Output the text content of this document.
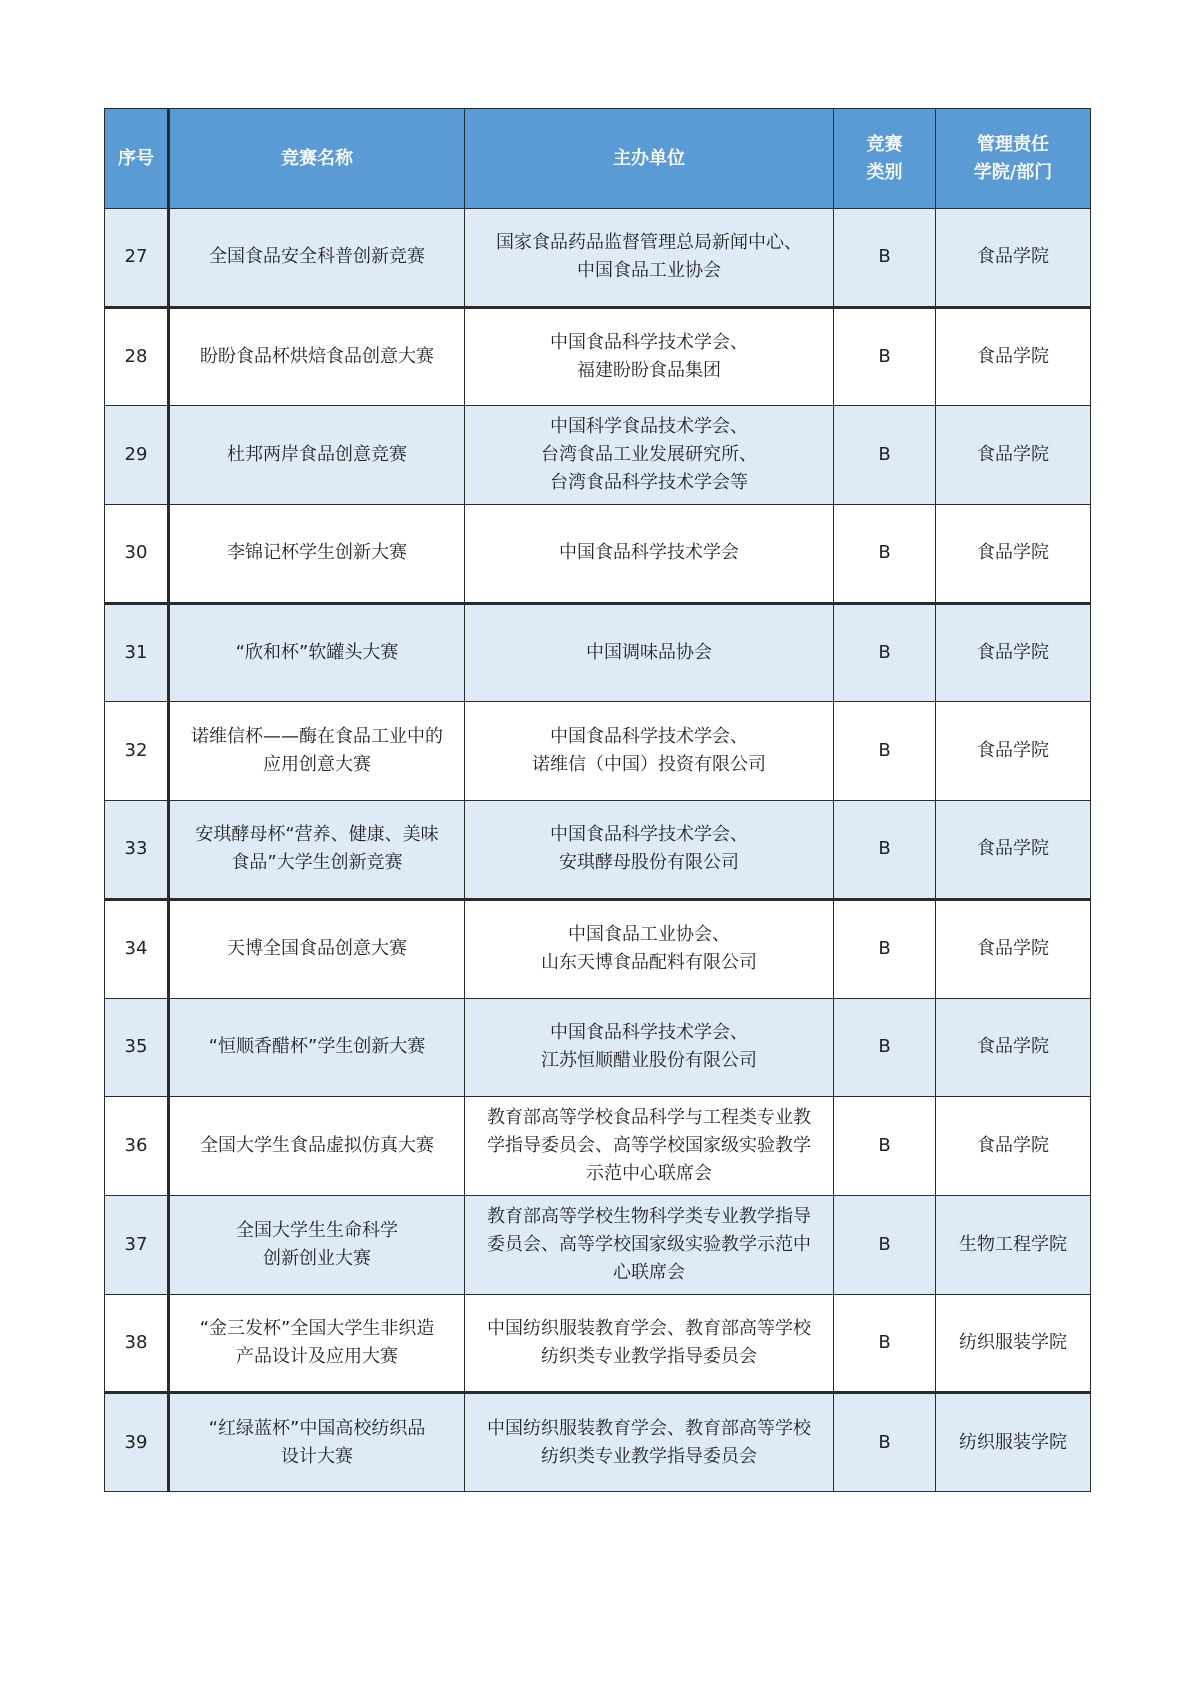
序号	竞赛名称	主办单位	竞赛
类别	管理责任
学院/部门
27	全国食品安全科普创新竞赛	国家食品药品监督管理总局新闻中心、
中国食品工业协会	B	食品学院
28	盼盼食品杯烘焙食品创意大赛	中国食品科学技术学会、
福建盼盼食品集团	B	食品学院
29	杜邦两岸食品创意竞赛	中国科学食品技术学会、
台湾食品工业发展研究所、
台湾食品科学技术学会等	B	食品学院
30	李锦记杯学生创新大赛	中国食品科学技术学会	B	食品学院
31	“欣和杯”软罐头大赛	中国调味品协会	B	食品学院
32	诺维信杯——酶在食品工业中的
应用创意大赛	中国食品科学技术学会、
诺维信（中国）投资有限公司	B	食品学院
33	安琪酵母杯“营养、健康、美味
食品”大学生创新竞赛	中国食品科学技术学会、
安琪酵母股份有限公司	B	食品学院
34	天博全国食品创意大赛	中国食品工业协会、
山东天博食品配料有限公司	B	食品学院
35	“恒顺香醋杯”学生创新大赛	中国食品科学技术学会、
江苏恒顺醋业股份有限公司	B	食品学院
36	全国大学生食品虚拟仿真大赛	教育部高等学校食品科学与工程类专业教
学指导委员会、高等学校国家级实验教学
示范中心联席会	B	食品学院
37	全国大学生生命科学
创新创业大赛	教育部高等学校生物科学类专业教学指导
委员会、高等学校国家级实验教学示范中
心联席会	B	生物工程学院
38	“金三发杯”全国大学生非织造
产品设计及应用大赛	中国纺织服装教育学会、教育部高等学校
纺织类专业教学指导委员会	B	纺织服装学院
39	“红绿蓝杯”中国高校纺织品
设计大赛	中国纺织服装教育学会、教育部高等学校
纺织类专业教学指导委员会	B	纺织服装学院
